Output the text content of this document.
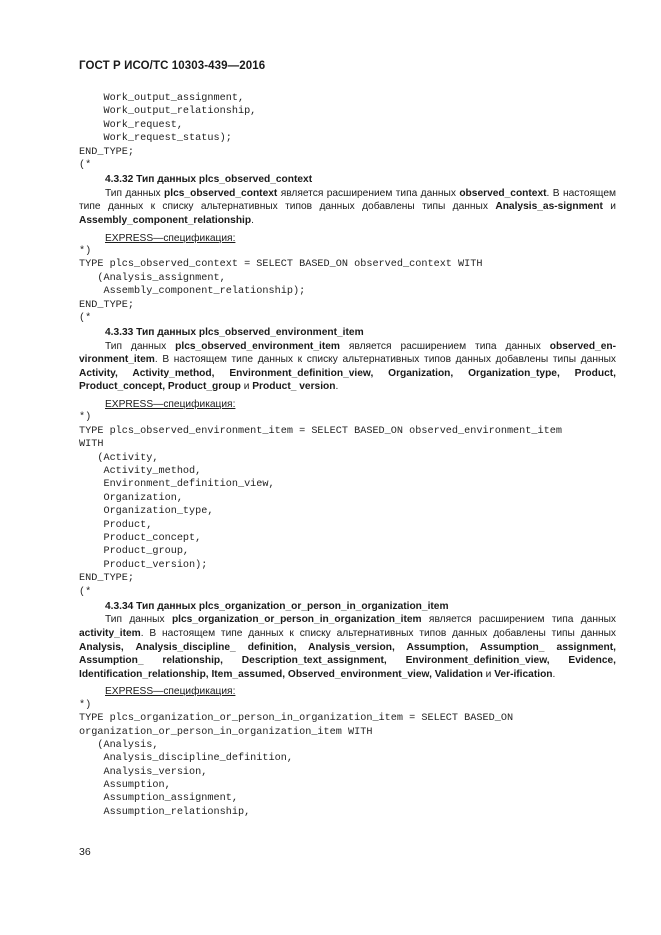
ГОСТ Р ИСО/ТС 10303-439—2016
Work_output_assignment,
Work_output_relationship,
Work_request,
Work_request_status);
END_TYPE;
(*
4.3.32 Тип данных plcs_observed_context

Тип данных plcs_observed_context является расширением типа данных observed_context. В настоящем типе данных к списку альтернативных типов данных добавлены типы данных Analysis_as-signment и Assembly_component_relationship.

EXPRESS—спецификация:
*)
TYPE plcs_observed_context = SELECT BASED_ON observed_context WITH
(Analysis_assignment,
Assembly_component_relationship);
END_TYPE;
(*
4.3.33 Тип данных plcs_observed_environment_item

Тип данных plcs_observed_environment_item является расширением типа данных observed_en-vironment_item. В настоящем типе данных к списку альтернативных типов данных добавлены типы данных Activity, Activity_method, Environment_definition_view, Organization, Organization_type, Product, Product_concept, Product_group и Product_ version.

EXPRESS—спецификация:
*)
TYPE plcs_observed_environment_item = SELECT BASED_ON observed_environment_item
WITH
(Activity,
Activity_method,
Environment_definition_view,
Organization,
Organization_type,
Product,
Product_concept,
Product_group,
Product_version);
END_TYPE;
(*
4.3.34 Тип данных plcs_organization_or_person_in_organization_item

Тип данных plcs_organization_or_person_in_organization_item является расширением типа данных activity_item. В настоящем типе данных к списку альтернативных типов данных добавлены типы данных Analysis, Analysis_discipline_ definition, Analysis_version, Assumption, Assumption_ assignment, Assumption_ relationship, Description_text_assignment, Environment_definition_view, Evidence, Identification_relationship, Item_assumed, Observed_environment_view, Validation и Ver-ification.

EXPRESS—спецификация:
*)
TYPE plcs_organization_or_person_in_organization_item = SELECT BASED_ON
organization_or_person_in_organization_item WITH
(Analysis,
Analysis_discipline_definition,
Analysis_version,
Assumption,
Assumption_assignment,
Assumption_relationship,
36
